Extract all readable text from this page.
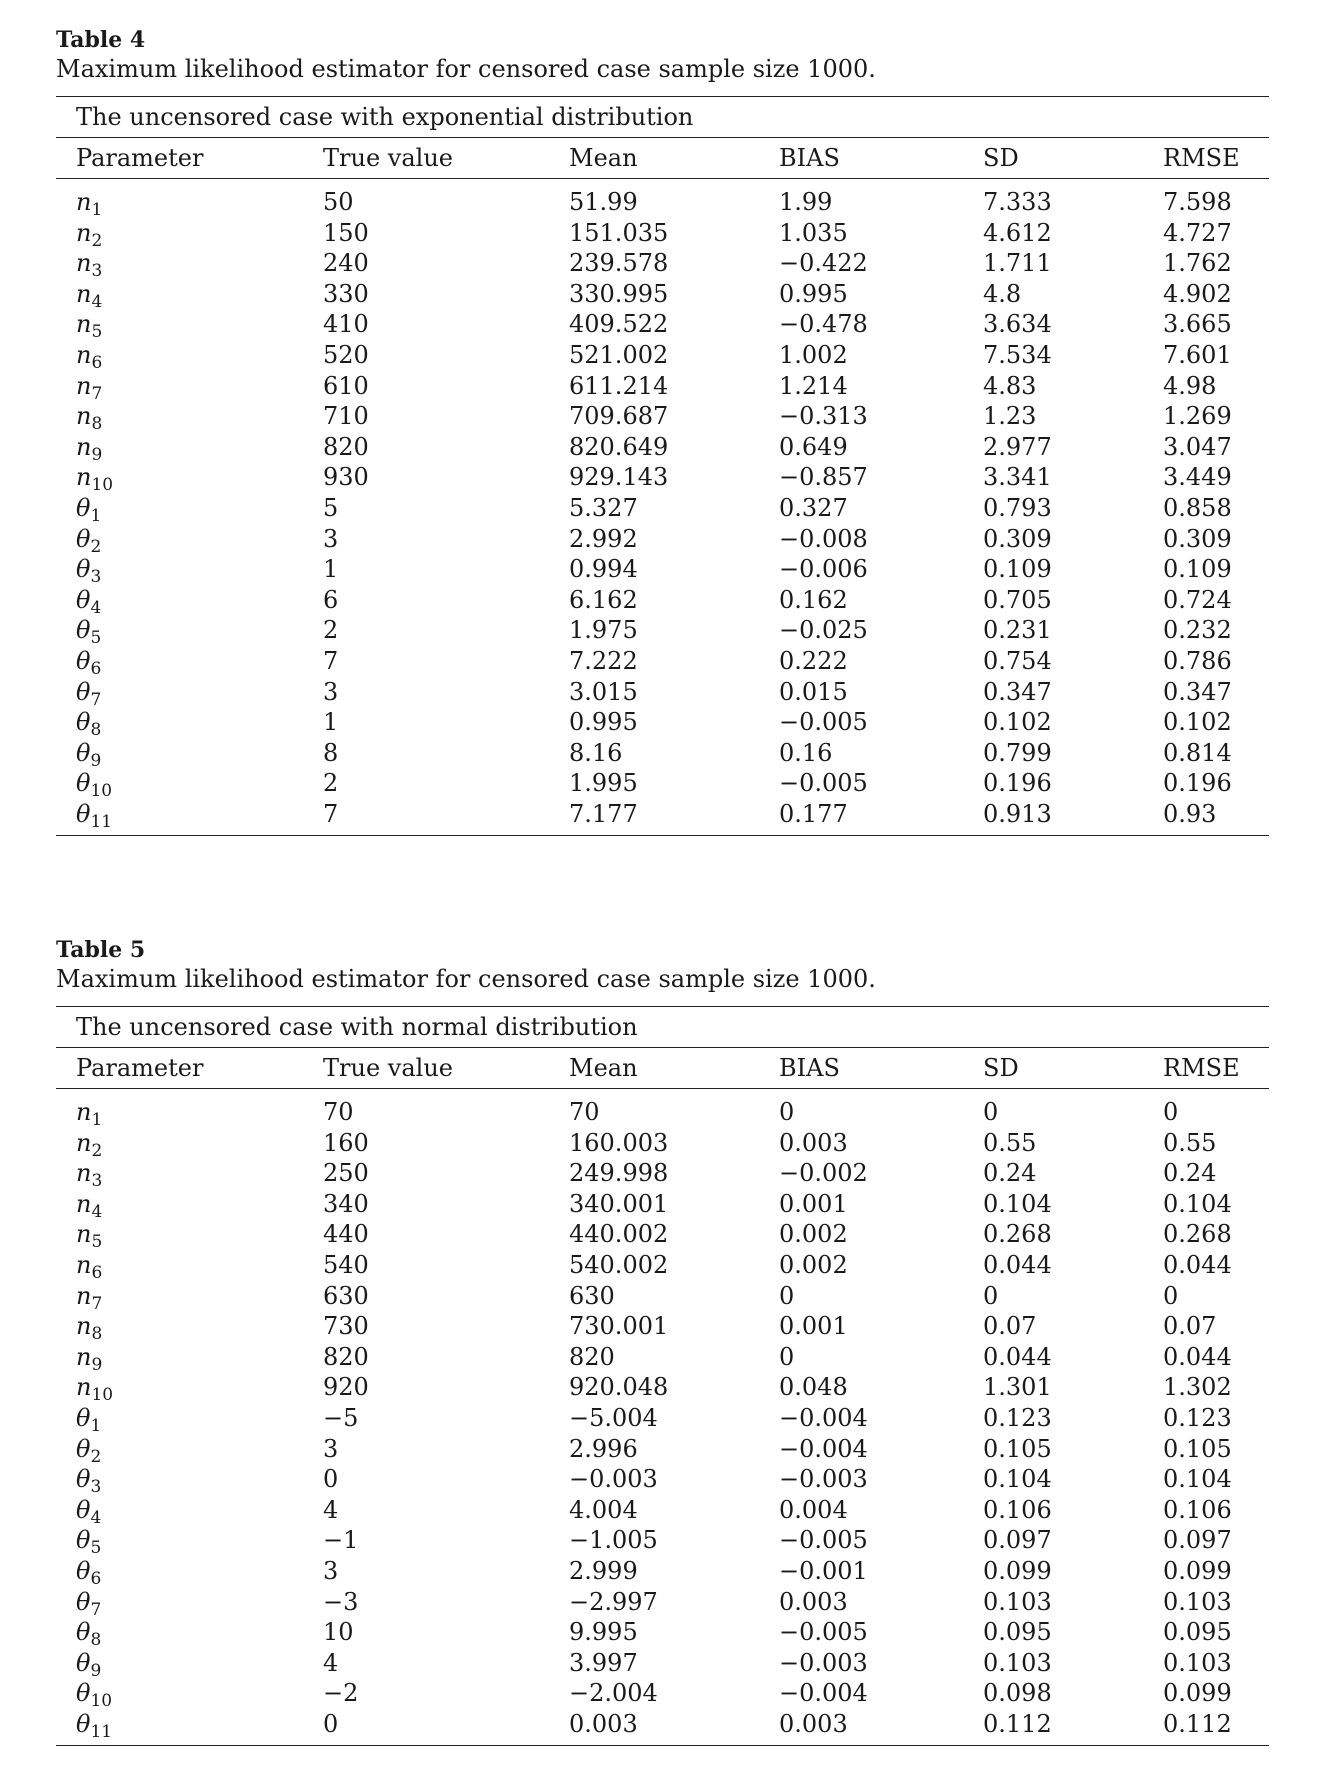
Table 4
Maximum likelihood estimator for censored case sample size 1000.
The uncensored case with exponential distribution
Parameter	True value	Mean	BIAS	SD	RMSE
$n_1$	50	51.99	1.99	7.333	7.598
$n_2$	150	151.035	1.035	4.612	4.727
$n_3$	240	239.578	−0.422	1.711	1.762
$n_4$	330	330.995	0.995	4.8	4.902
$n_5$	410	409.522	−0.478	3.634	3.665
$n_6$	520	521.002	1.002	7.534	7.601
$n_7$	610	611.214	1.214	4.83	4.98
$n_8$	710	709.687	−0.313	1.23	1.269
$n_9$	820	820.649	0.649	2.977	3.047
$n_{10}$	930	929.143	−0.857	3.341	3.449
$\theta_1$	5	5.327	0.327	0.793	0.858
$\theta_2$	3	2.992	−0.008	0.309	0.309
$\theta_3$	1	0.994	−0.006	0.109	0.109
$\theta_4$	6	6.162	0.162	0.705	0.724
$\theta_5$	2	1.975	−0.025	0.231	0.232
$\theta_6$	7	7.222	0.222	0.754	0.786
$\theta_7$	3	3.015	0.015	0.347	0.347
$\theta_8$	1	0.995	−0.005	0.102	0.102
$\theta_9$	8	8.16	0.16	0.799	0.814
$\theta_{10}$	2	1.995	−0.005	0.196	0.196
$\theta_{11}$	7	7.177	0.177	0.913	0.93
Table 5
Maximum likelihood estimator for censored case sample size 1000.
The uncensored case with normal distribution
Parameter	True value	Mean	BIAS	SD	RMSE
$n_1$	70	70	0	0	0
$n_2$	160	160.003	0.003	0.55	0.55
$n_3$	250	249.998	−0.002	0.24	0.24
$n_4$	340	340.001	0.001	0.104	0.104
$n_5$	440	440.002	0.002	0.268	0.268
$n_6$	540	540.002	0.002	0.044	0.044
$n_7$	630	630	0	0	0
$n_8$	730	730.001	0.001	0.07	0.07
$n_9$	820	820	0	0.044	0.044
$n_{10}$	920	920.048	0.048	1.301	1.302
$\theta_1$	−5	−5.004	−0.004	0.123	0.123
$\theta_2$	3	2.996	−0.004	0.105	0.105
$\theta_3$	0	−0.003	−0.003	0.104	0.104
$\theta_4$	4	4.004	0.004	0.106	0.106
$\theta_5$	−1	−1.005	−0.005	0.097	0.097
$\theta_6$	3	2.999	−0.001	0.099	0.099
$\theta_7$	−3	−2.997	0.003	0.103	0.103
$\theta_8$	10	9.995	−0.005	0.095	0.095
$\theta_9$	4	3.997	−0.003	0.103	0.103
$\theta_{10}$	−2	−2.004	−0.004	0.098	0.099
$\theta_{11}$	0	0.003	0.003	0.112	0.112
